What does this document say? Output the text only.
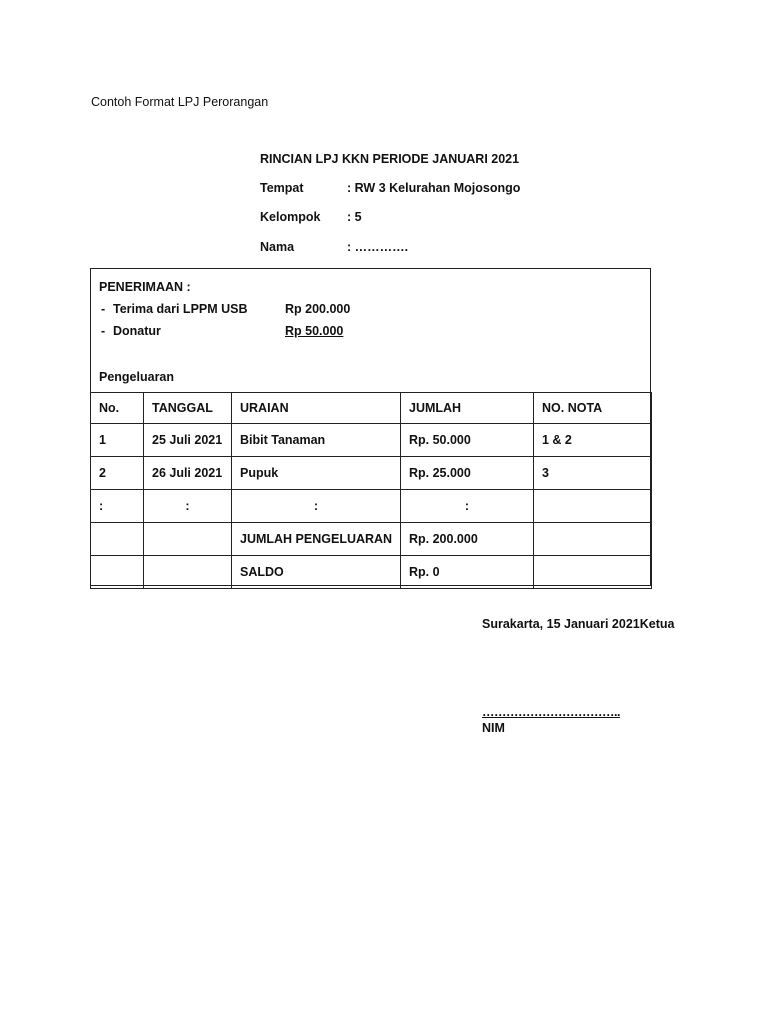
Contoh Format LPJ Perorangan
RINCIAN LPJ KKN PERIODE JANUARI 2021
Tempat	: RW 3 Kelurahan Mojosongo
Kelompok : 5
Nama	: ………….
PENERIMAAN :
- Terima dari LPPM USB	Rp 200.000
- Donatur	Rp 50.000
Pengeluaran
No.	TANGGAL	URAIAN	JUMLAH	NO. NOTA
1	25 Juli 2021	Bibit Tanaman	Rp. 50.000	1 & 2
2	26 Juli 2021	Pupuk	Rp. 25.000	3
:	:	:	:	
		JUMLAH PENGELUARAN	Rp. 200.000	
		SALDO	Rp. 0	
Surakarta, 15 Januari 2021Ketua
……………………………..
NIM
